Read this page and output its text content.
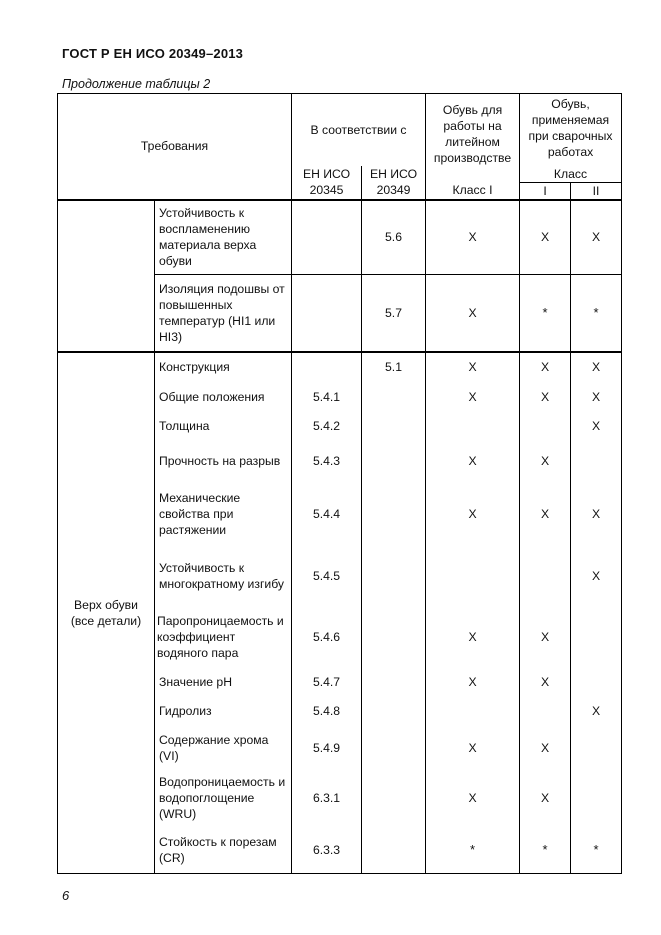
ГОСТ Р ЕН ИСО 20349–2013
Продолжение таблицы 2
Требования		В соответствии с		Обувь для работы на литейном производстве	Обувь, применяемая при сварочных работах	
		ЕН ИСО 20345	ЕН ИСО 20349		Класс	
				Класс I	I	II
	Устойчивость к воспламенению материала верха обуви		5.6	X	X	X
	Изоляция подошвы от повышенных температур (HI1 или HI3)		5.7	X	*	*
Верх обуви (все детали)	Конструкция		5.1	X	X	X
	Общие положения	5.4.1		X	X	X
	Толщина	5.4.2				X
	Прочность на разрыв	5.4.3		X	X	
	Механические свойства при растяжении	5.4.4		X	X	X
	Устойчивость к многократному изгибу	5.4.5				X
	Паропроницаемость и коэффициент водяного пара	5.4.6		X	X	
	Значение рН	5.4.7		X	X	
	Гидролиз	5.4.8				X
	Содержание хрома (VI)	5.4.9		X	X	
	Водопроницаемость и водопоглощение (WRU)	6.3.1		X	X	
	Стойкость к порезам (CR)	6.3.3		*	*	*
6
